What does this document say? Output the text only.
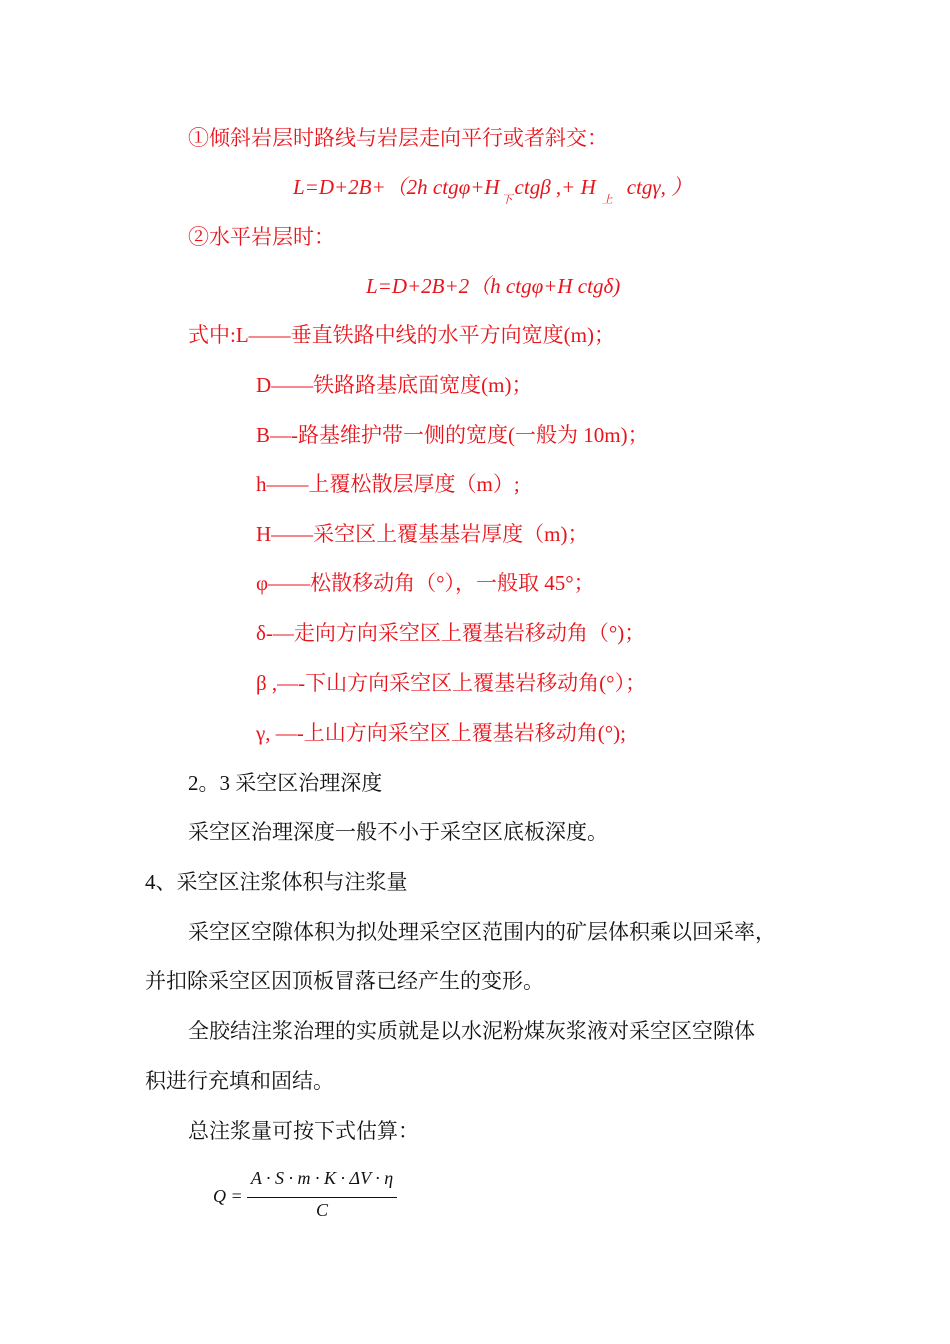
①倾斜岩层时路线与岩层走向平行或者斜交：
L=D+2B+（2h $ctg\varphi+H_下ctg\beta$ ,+ $H_上ctg\gamma$, ）
②水平岩层时：
L=D+2B+2（h ctgφ+H ctgδ)
式中:L——垂直铁路中线的水平方向宽度(m)；
D——铁路路基底面宽度(m)；
B—-路基维护带一侧的宽度(一般为 10m)；
h——上覆松散层厚度（m）;
H——采空区上覆基基岩厚度（m)；
φ——松散移动角（°），一般取 45°；
δ-—走向方向采空区上覆基岩移动角（°)；
β ,—-下山方向采空区上覆基岩移动角(°）；
γ, —-上山方向采空区上覆基岩移动角(°);
2。3 采空区治理深度
采空区治理深度一般不小于采空区底板深度。
4、采空区注浆体积与注浆量
采空区空隙体积为拟处理采空区范围内的矿层体积乘以回采率，
并扣除采空区因顶板冒落已经产生的变形。
全胶结注浆治理的实质就是以水泥粉煤灰浆液对采空区空隙体
积进行充填和固结。
总注浆量可按下式估算：
Q =
A · S · m · K · ΔV · η
C
